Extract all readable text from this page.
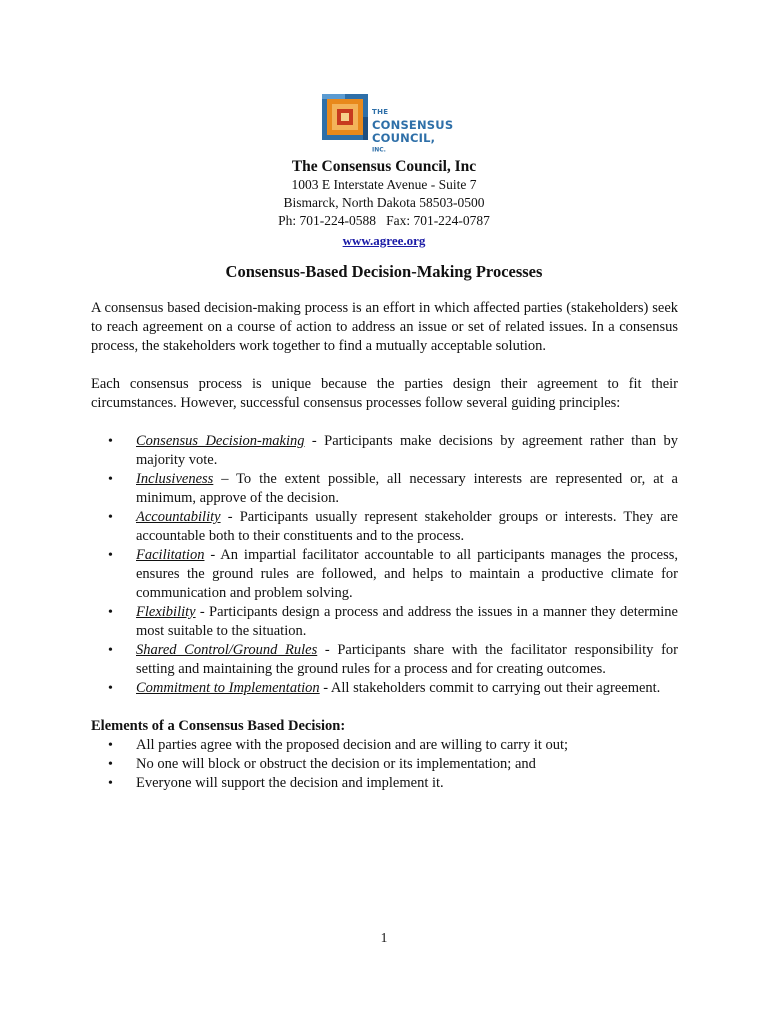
$^{THE}$ CONSENSUS
COUNCIL, INC.
The Consensus Council, Inc
1003 E Interstate Avenue - Suite 7
Bismarck, North Dakota 58503-0500
Ph: 701-224-0588   Fax: 701-224-0787
www.agree.org
Consensus-Based Decision-Making Processes

A consensus based decision-making process is an effort in which affected parties (stakeholders) seek to reach agreement on a course of action to address an issue or set of related issues. In a consensus process, the stakeholders work together to find a mutually acceptable solution.

Each consensus process is unique because the parties design their agreement to fit their circumstances. However, successful consensus processes follow several guiding principles:

• Consensus Decision-making - Participants make decisions by agreement rather than by majority vote.
• Inclusiveness – To the extent possible, all necessary interests are represented or, at a minimum, approve of the decision.
• Accountability - Participants usually represent stakeholder groups or interests. They are accountable both to their constituents and to the process.
• Facilitation - An impartial facilitator accountable to all participants manages the process, ensures the ground rules are followed, and helps to maintain a productive climate for communication and problem solving.
• Flexibility - Participants design a process and address the issues in a manner they determine most suitable to the situation.
• Shared Control/Ground Rules - Participants share with the facilitator responsibility for setting and maintaining the ground rules for a process and for creating outcomes.
• Commitment to Implementation - All stakeholders commit to carrying out their agreement.

Elements of a Consensus Based Decision:

• All parties agree with the proposed decision and are willing to carry it out;
• No one will block or obstruct the decision or its implementation; and
• Everyone will support the decision and implement it.
1
